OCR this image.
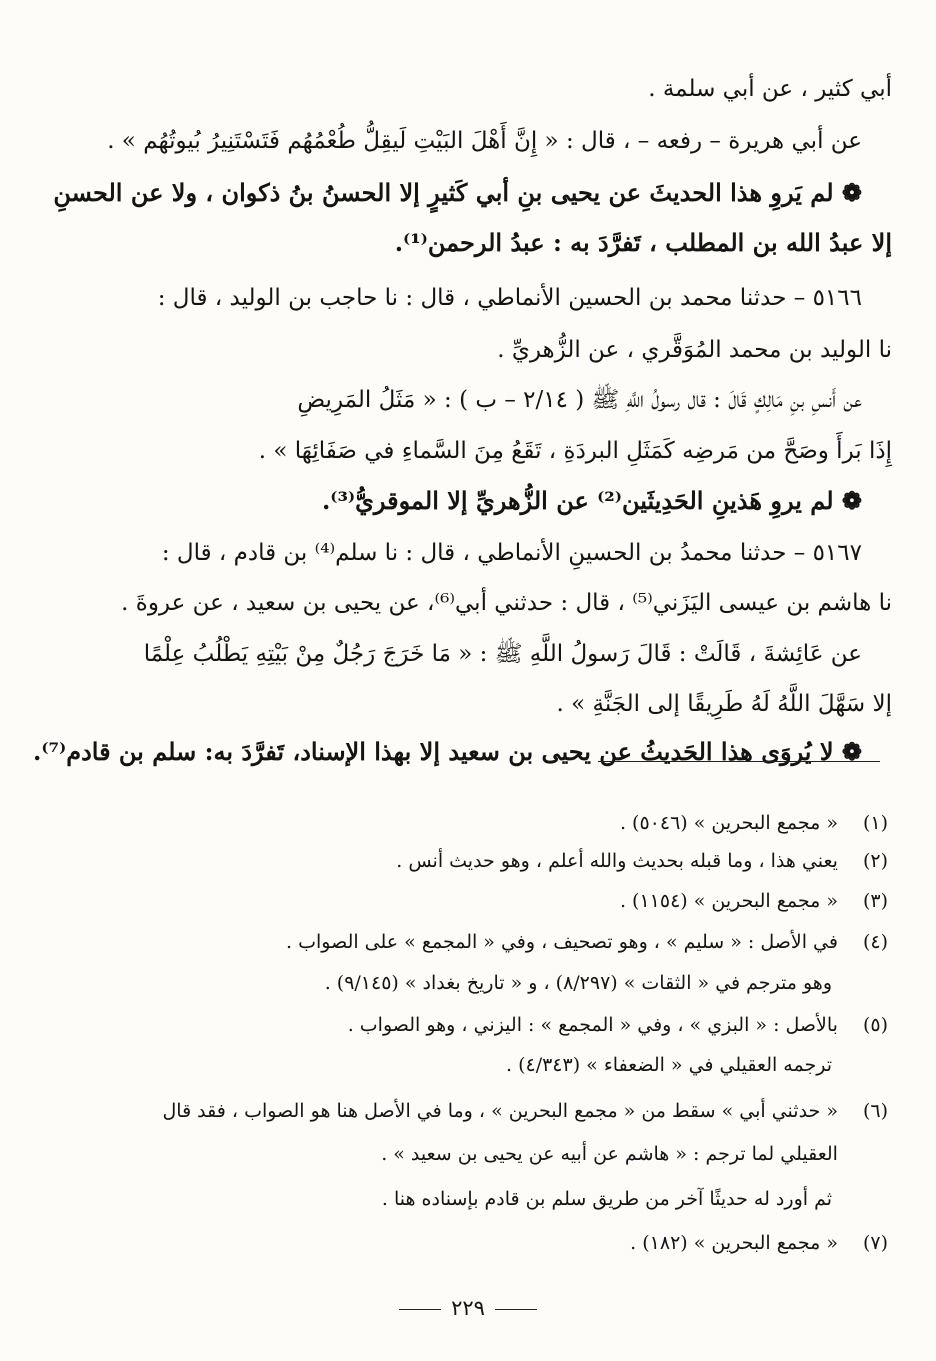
أبي كثير ، عن أبي سلمة .
عن أبي هريرة – رفعه – ، قال : « إِنَّ أَهْلَ البَيْتِ لَيقِلُّ طُعْمُهُم فَتَسْتَنِيرُ بُيوتُهُم » .
❁ لم يَروِ هذا الحديثَ عن يحيى بنِ أبي كَثيرٍ إلا الحسنُ بنُ ذكوان ، ولا عن الحسنِ
إلا عبدُ الله بن المطلب ، تَفرَّدَ به : عبدُ الرحمن⁽¹⁾.
٥١٦٦ – حدثنا محمد بن الحسين الأنماطي ، قال : نا حاجب بن الوليد ، قال :
نا الوليد بن محمد المُوَقَّري ، عن الزُّهريِّ .
عن أَنسِ بنِ مَالِكٍ قَالَ : قال رسولُ اللَّهِ ﷺ ( ٢/١٤ – ب ) : « مَثَلُ المَرِيضِ
إِذَا بَرأَ وصَحَّ من مَرضِه كَمَثَلِ البردَةِ ، تَقَعُ مِنَ السَّماءِ في صَفَائِهَا » .
❁ لم يروِ هَذينِ الحَدِيثَين⁽²⁾ عن الزُّهريِّ إلا الموقريُّ⁽³⁾.
٥١٦٧ – حدثنا محمدُ بن الحسينِ الأنماطي ، قال : نا سلم⁽⁴⁾ بن قادم ، قال :
نا هاشم بن عيسى اليَزَني⁽⁵⁾ ، قال : حدثني أبي⁽⁶⁾، عن يحيى بن سعيد ، عن عروةَ .
عن عَائِشةَ ، قَالَتْ : قَالَ رَسولُ اللَّهِ ﷺ : « مَا خَرَجَ رَجُلٌ مِنْ بَيْتِهِ يَطْلُبُ عِلْمًا
إلا سَهَّلَ اللَّهُ لَهُ طَرِيقًا إلى الجَنَّةِ » .
❁ لا يُروَى هذا الحَديثُ عن يحيى بن سعيد إلا بهذا الإسناد، تَفرَّدَ به: سلم بن قادم⁽⁷⁾.
(١) « مجمع البحرين » (٥٠٤٦) .
(٢) يعني هذا ، وما قبله بحديث والله أعلم ، وهو حديث أنس .
(٣) « مجمع البحرين » (١١٥٤) .
(٤) في الأصل : « سليم » ، وهو تصحيف ، وفي « المجمع » على الصواب .
وهو مترجم في « الثقات » (٨/٢٩٧) ، و « تاريخ بغداد » (٩/١٤٥) .
(٥) بالأصل : « البزي » ، وفي « المجمع » : اليزني ، وهو الصواب .
ترجمه العقيلي في « الضعفاء » (٤/٣٤٣) .
(٦) « حدثني أبي » سقط من « مجمع البحرين » ، وما في الأصل هنا هو الصواب ، فقد قال
العقيلي لما ترجم : « هاشم عن أبيه عن يحيى بن سعيد » .
ثم أورد له حديثًا آخر من طريق سلم بن قادم بإسناده هنا .
(٧) « مجمع البحرين » (١٨٢) .
٢٢٩
